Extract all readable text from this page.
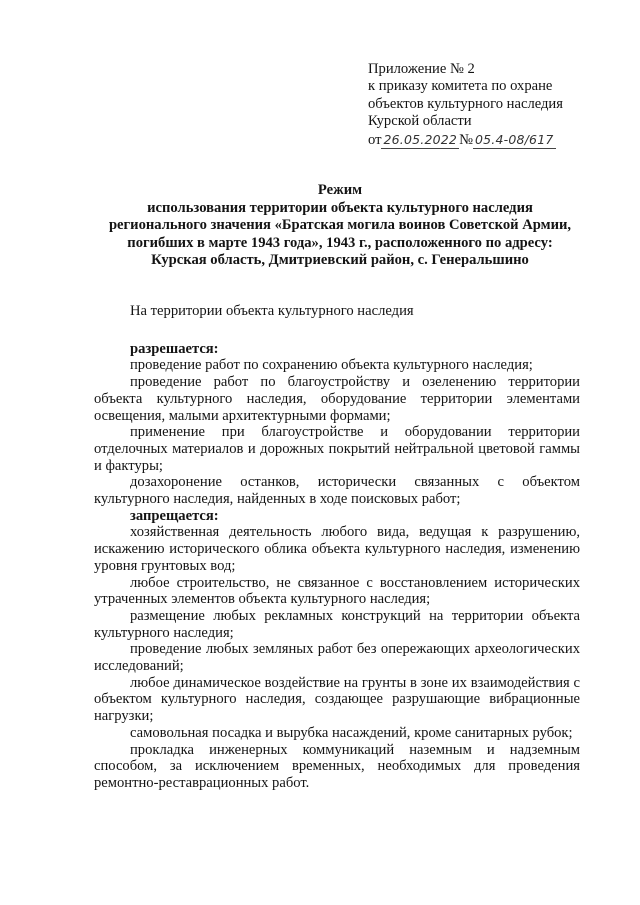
Приложение № 2
к приказу комитета по охране
объектов культурного наследия
Курской области
от 26.05.2022 № 05.4-08/617
Режим
использования территории объекта культурного наследия
регионального значения «Братская могила воинов Советской Армии,
погибших в марте 1943 года», 1943 г., расположенного по адресу:
Курская область, Дмитриевский район, с. Генеральшино
На территории объекта культурного наследия
разрешается:

проведение работ по сохранению объекта культурного наследия;

проведение работ по благоустройству и озеленению территории объекта культурного наследия, оборудование территории элементами освещения, малыми архитектурными формами;

применение при благоустройстве и оборудовании территории отделочных материалов и дорожных покрытий нейтральной цветовой гаммы и фактуры;

дозахоронение останков, исторически связанных с объектом культурного наследия, найденных в ходе поисковых работ;

запрещается:

хозяйственная деятельность любого вида, ведущая к разрушению, искажению исторического облика объекта культурного наследия, изменению уровня грунтовых вод;

любое строительство, не связанное с восстановлением исторических утраченных элементов объекта культурного наследия;

размещение любых рекламных конструкций на территории объекта культурного наследия;

проведение любых земляных работ без опережающих археологических исследований;

любое динамическое воздействие на грунты в зоне их взаимодействия с объектом культурного наследия, создающее разрушающие вибрационные нагрузки;

самовольная посадка и вырубка насаждений, кроме санитарных рубок;

прокладка инженерных коммуникаций наземным и надземным способом, за исключением временных, необходимых для проведения ремонтно-реставрационных работ.
